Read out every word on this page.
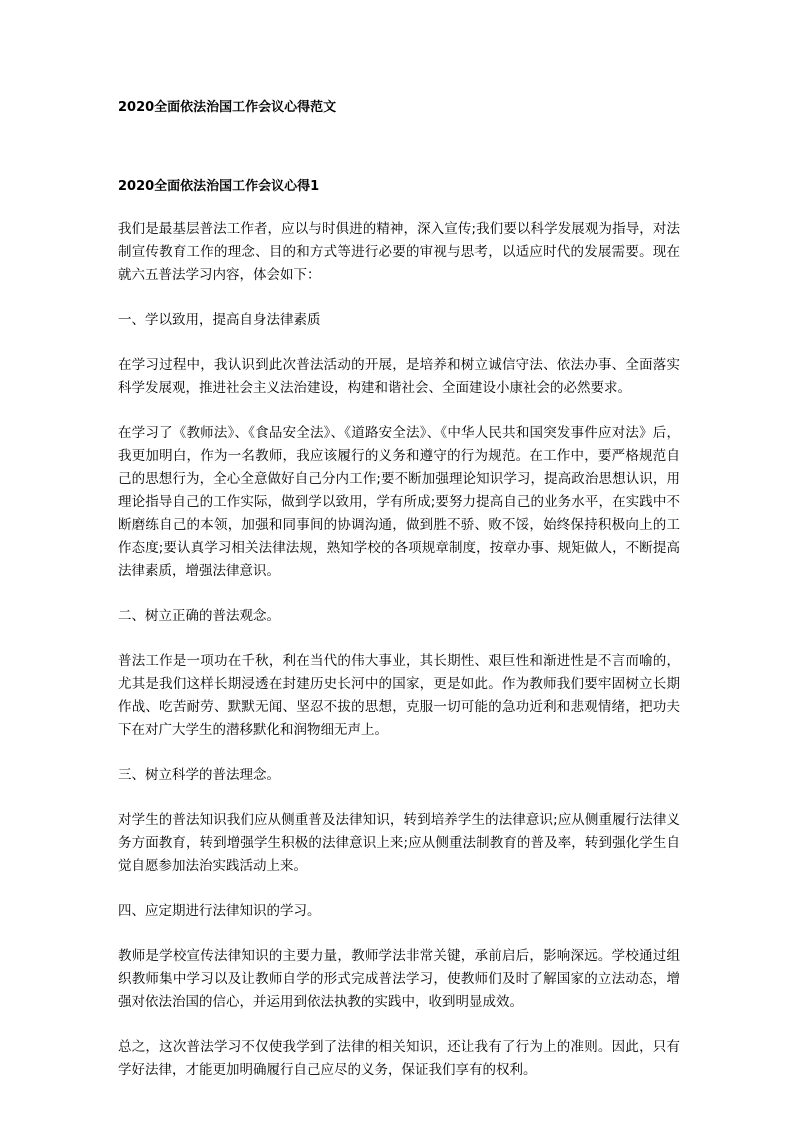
2020全面依法治国工作会议心得范文

2020全面依法治国工作会议心得1

我们是最基层普法工作者，应以与时俱进的精神，深入宣传;我们要以科学发展观为指导，对法制宣传教育工作的理念、目的和方式等进行必要的审视与思考，以适应时代的发展需要。现在就六五普法学习内容，体会如下：

一、学以致用，提高自身法律素质

在学习过程中，我认识到此次普法活动的开展，是培养和树立诚信守法、依法办事、全面落实科学发展观，推进社会主义法治建设，构建和谐社会、全面建设小康社会的必然要求。

在学习了《教师法》、《食品安全法》、《道路安全法》、《中华人民共和国突发事件应对法》后，我更加明白，作为一名教师，我应该履行的义务和遵守的行为规范。在工作中，要严格规范自己的思想行为，全心全意做好自己分内工作;要不断加强理论知识学习，提高政治思想认识，用理论指导自己的工作实际，做到学以致用，学有所成;要努力提高自己的业务水平，在实践中不断磨练自己的本领，加强和同事间的协调沟通，做到胜不骄、败不馁，始终保持积极向上的工作态度;要认真学习相关法律法规，熟知学校的各项规章制度，按章办事、规矩做人，不断提高法律素质，增强法律意识。

二、树立正确的普法观念。

普法工作是一项功在千秋，利在当代的伟大事业，其长期性、艰巨性和渐进性是不言而喻的，尤其是我们这样长期浸透在封建历史长河中的国家，更是如此。作为教师我们要牢固树立长期作战、吃苦耐劳、默默无闻、坚忍不拔的思想，克服一切可能的急功近利和悲观情绪，把功夫下在对广大学生的潜移默化和润物细无声上。

三、树立科学的普法理念。

对学生的普法知识我们应从侧重普及法律知识，转到培养学生的法律意识;应从侧重履行法律义务方面教育，转到增强学生积极的法律意识上来;应从侧重法制教育的普及率，转到强化学生自觉自愿参加法治实践活动上来。

四、应定期进行法律知识的学习。

教师是学校宣传法律知识的主要力量，教师学法非常关键，承前启后，影响深远。学校通过组织教师集中学习以及让教师自学的形式完成普法学习，使教师们及时了解国家的立法动态，增强对依法治国的信心，并运用到依法执教的实践中，收到明显成效。

总之，这次普法学习不仅使我学到了法律的相关知识，还让我有了行为上的准则。因此，只有学好法律，才能更加明确履行自己应尽的义务，保证我们享有的权利。
